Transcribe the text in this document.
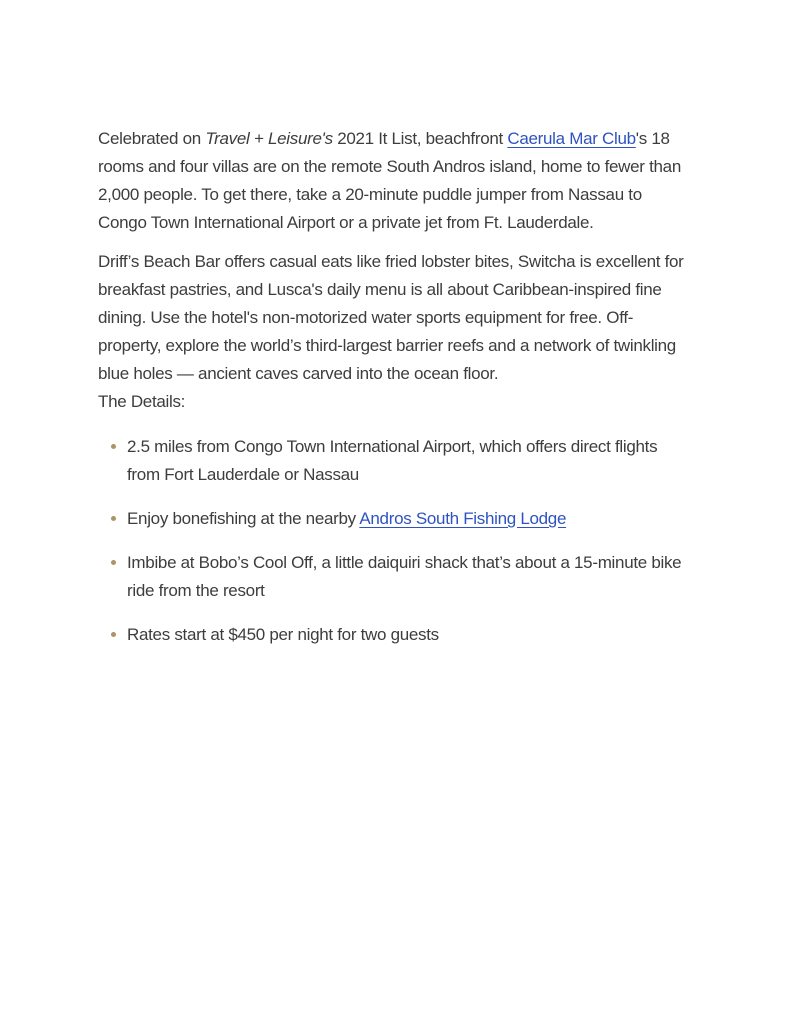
Celebrated on Travel + Leisure's 2021 It List, beachfront Caerula Mar Club's 18 rooms and four villas are on the remote South Andros island, home to fewer than 2,000 people. To get there, take a 20-minute puddle jumper from Nassau to Congo Town International Airport or a private jet from Ft. Lauderdale.

Driff’s Beach Bar offers casual eats like fried lobster bites, Switcha is excellent for breakfast pastries, and Lusca's daily menu is all about Caribbean-inspired fine dining. Use the hotel's non-motorized water sports equipment for free. Off-property, explore the world’s third-largest barrier reefs and a network of twinkling blue holes — ancient caves carved into the ocean floor.

The Details:

2.5 miles from Congo Town International Airport, which offers direct flights from Fort Lauderdale or Nassau
Enjoy bonefishing at the nearby Andros South Fishing Lodge
Imbibe at Bobo’s Cool Off, a little daiquiri shack that’s about a 15-minute bike ride from the resort
Rates start at $450 per night for two guests
